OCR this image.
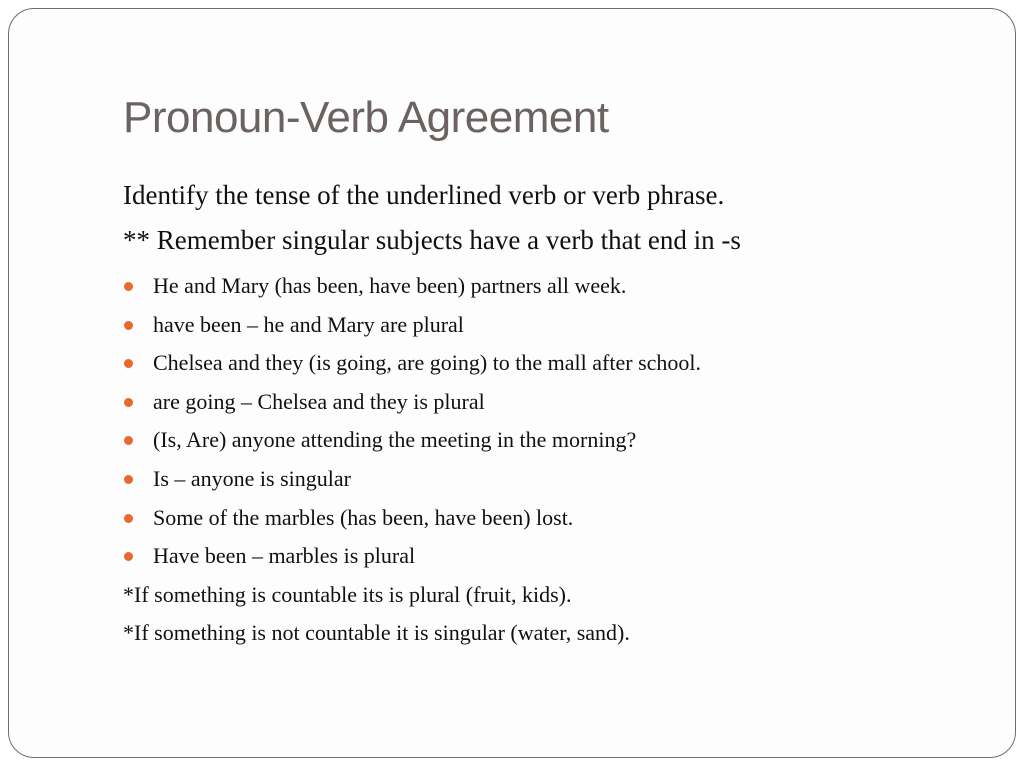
Pronoun-Verb Agreement

Identify the tense of the underlined verb or verb phrase.

** Remember singular subjects have a verb that end in -s

He and Mary (has been, have been) partners all week.
have been – he and Mary are plural
Chelsea and they (is going, are going) to the mall after school.
are going – Chelsea and they is plural
(Is, Are) anyone attending the meeting in the morning?
Is – anyone is singular
Some of the marbles (has been, have been) lost.
Have been – marbles is plural

*If something is countable its is plural (fruit, kids).

*If something is not countable it is singular (water, sand).
